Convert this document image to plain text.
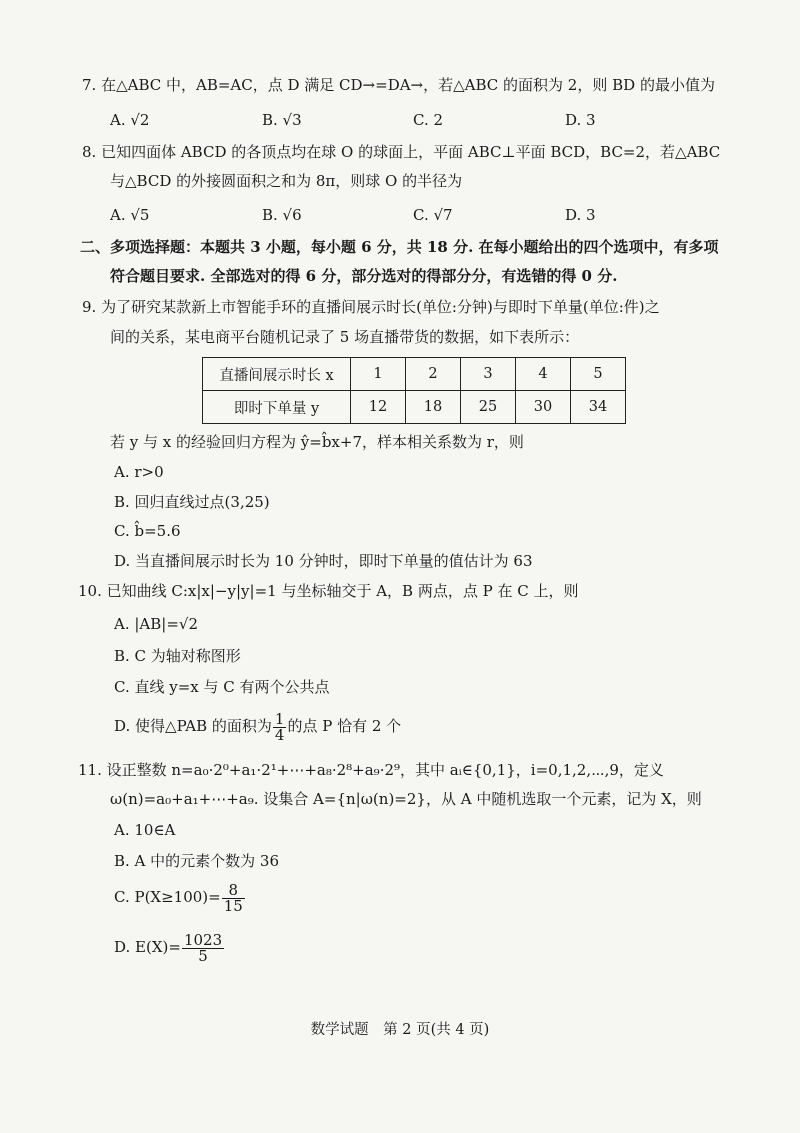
7. 在△ABC 中，AB=AC，点 D 满足 CD→=DA→，若△ABC 的面积为 2，则 BD 的最小值为
A. √2	B. √3	C. 2	D. 3
8. 已知四面体 ABCD 的各顶点均在球 O 的球面上，平面 ABC⊥平面 BCD，BC=2，若△ABC
与△BCD 的外接圆面积之和为 8π，则球 O 的半径为
A. √5	B. √6	C. √7	D. 3
二、多项选择题：本题共 3 小题，每小题 6 分，共 18 分. 在每小题给出的四个选项中，有多项
符合题目要求. 全部选对的得 6 分，部分选对的得部分分，有选错的得 0 分.
9. 为了研究某款新上市智能手环的直播间展示时长(单位:分钟)与即时下单量(单位:件)之
间的关系，某电商平台随机记录了 5 场直播带货的数据，如下表所示：
直播间展示时长 x	1	2	3	4	5
即时下单量 y	12	18	25	30	34
若 y 与 x 的经验回归方程为 ŷ=b̂x+7，样本相关系数为 r，则
A. r>0
B. 回归直线过点(3,25)
C. b̂=5.6
D. 当直播间展示时长为 10 分钟时，即时下单量的值估计为 63
10. 已知曲线 C:x|x|−y|y|=1 与坐标轴交于 A，B 两点，点 P 在 C 上，则
A. |AB|=√2
B. C 为轴对称图形
C. 直线 y=x 与 C 有两个公共点
D. 使得△PAB 的面积为 $\frac{1}{4}$ 的点 P 恰有 2 个
11. 设正整数 n=a₀·2⁰+a₁·2¹+⋯+a₈·2⁸+a₉·2⁹，其中 aᵢ∈{0,1}，i=0,1,2,⋯,9，定义
ω(n)=a₀+a₁+⋯+a₉. 设集合 A={n|ω(n)=2}，从 A 中随机选取一个元素，记为 X，则
A. 10∈A
B. A 中的元素个数为 36
C. $P(X\ge 100)= \frac{8}{15}$
D. $E(X)= \frac{1023}{5}$
数学试题　第 2 页(共 4 页)
